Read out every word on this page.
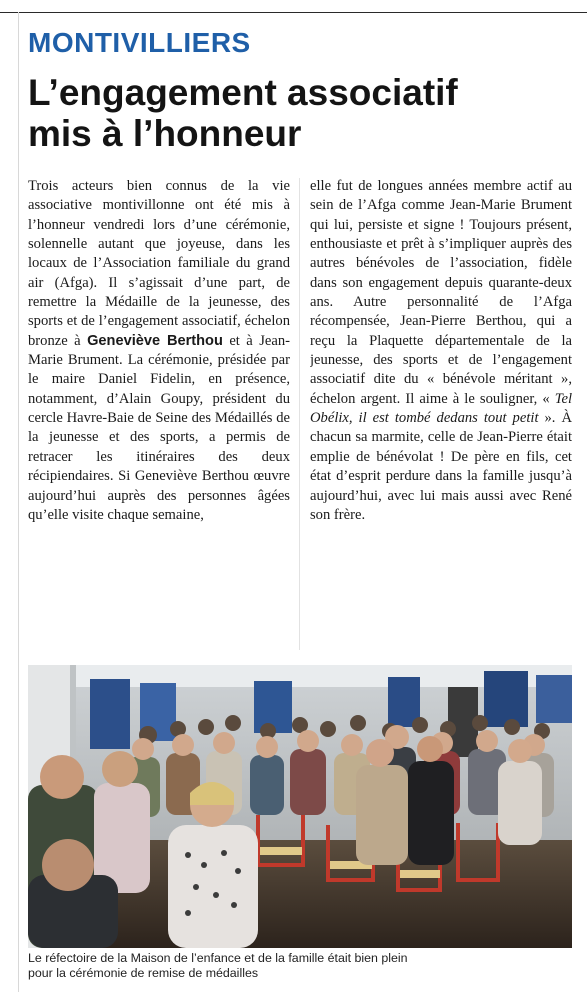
MONTIVILLIERS
L’engagement associatif
mis à l’honneur

Trois acteurs bien connus de la vie associative montivillonne ont été mis à l’honneur vendredi lors d’une cérémonie, solennelle autant que joyeuse, dans les locaux de l’Association familiale du grand air (Afga). Il s’agissait d’une part, de remettre la Médaille de la jeunesse, des sports et de l’engagement associatif, échelon bronze à Geneviève Berthou et à Jean-Marie Brument. La cérémonie, présidée par le maire Daniel Fidelin, en présence, notamment, d’Alain Goupy, président du cercle Havre-Baie de Seine des Médaillés de la jeunesse et des sports, a permis de retracer les itinéraires des deux récipiendaires. Si Geneviève Berthou œuvre aujourd’hui auprès des personnes âgées qu’elle visite chaque semaine,

elle fut de longues années membre actif au sein de l’Afga comme Jean-Marie Brument qui lui, persiste et signe ! Toujours présent, enthousiaste et prêt à s’impliquer auprès des autres bénévoles de l’association, fidèle dans son engagement depuis quarante-deux ans. Autre personnalité de l’Afga récompensée, Jean-Pierre Berthou, qui a reçu la Plaquette départementale de la jeunesse, des sports et de l’engagement associatif dite du « bénévole méritant », échelon argent. Il aime à le souligner, « Tel Obélix, il est tombé dedans tout petit ». À chacun sa marmite, celle de Jean-Pierre était emplie de bénévolat ! De père en fils, cet état d’esprit perdure dans la famille jusqu’à aujourd’hui, avec lui mais aussi avec René son frère.

Le réfectoire de la Maison de l’enfance et de la famille était bien plein
pour la cérémonie de remise de médailles
